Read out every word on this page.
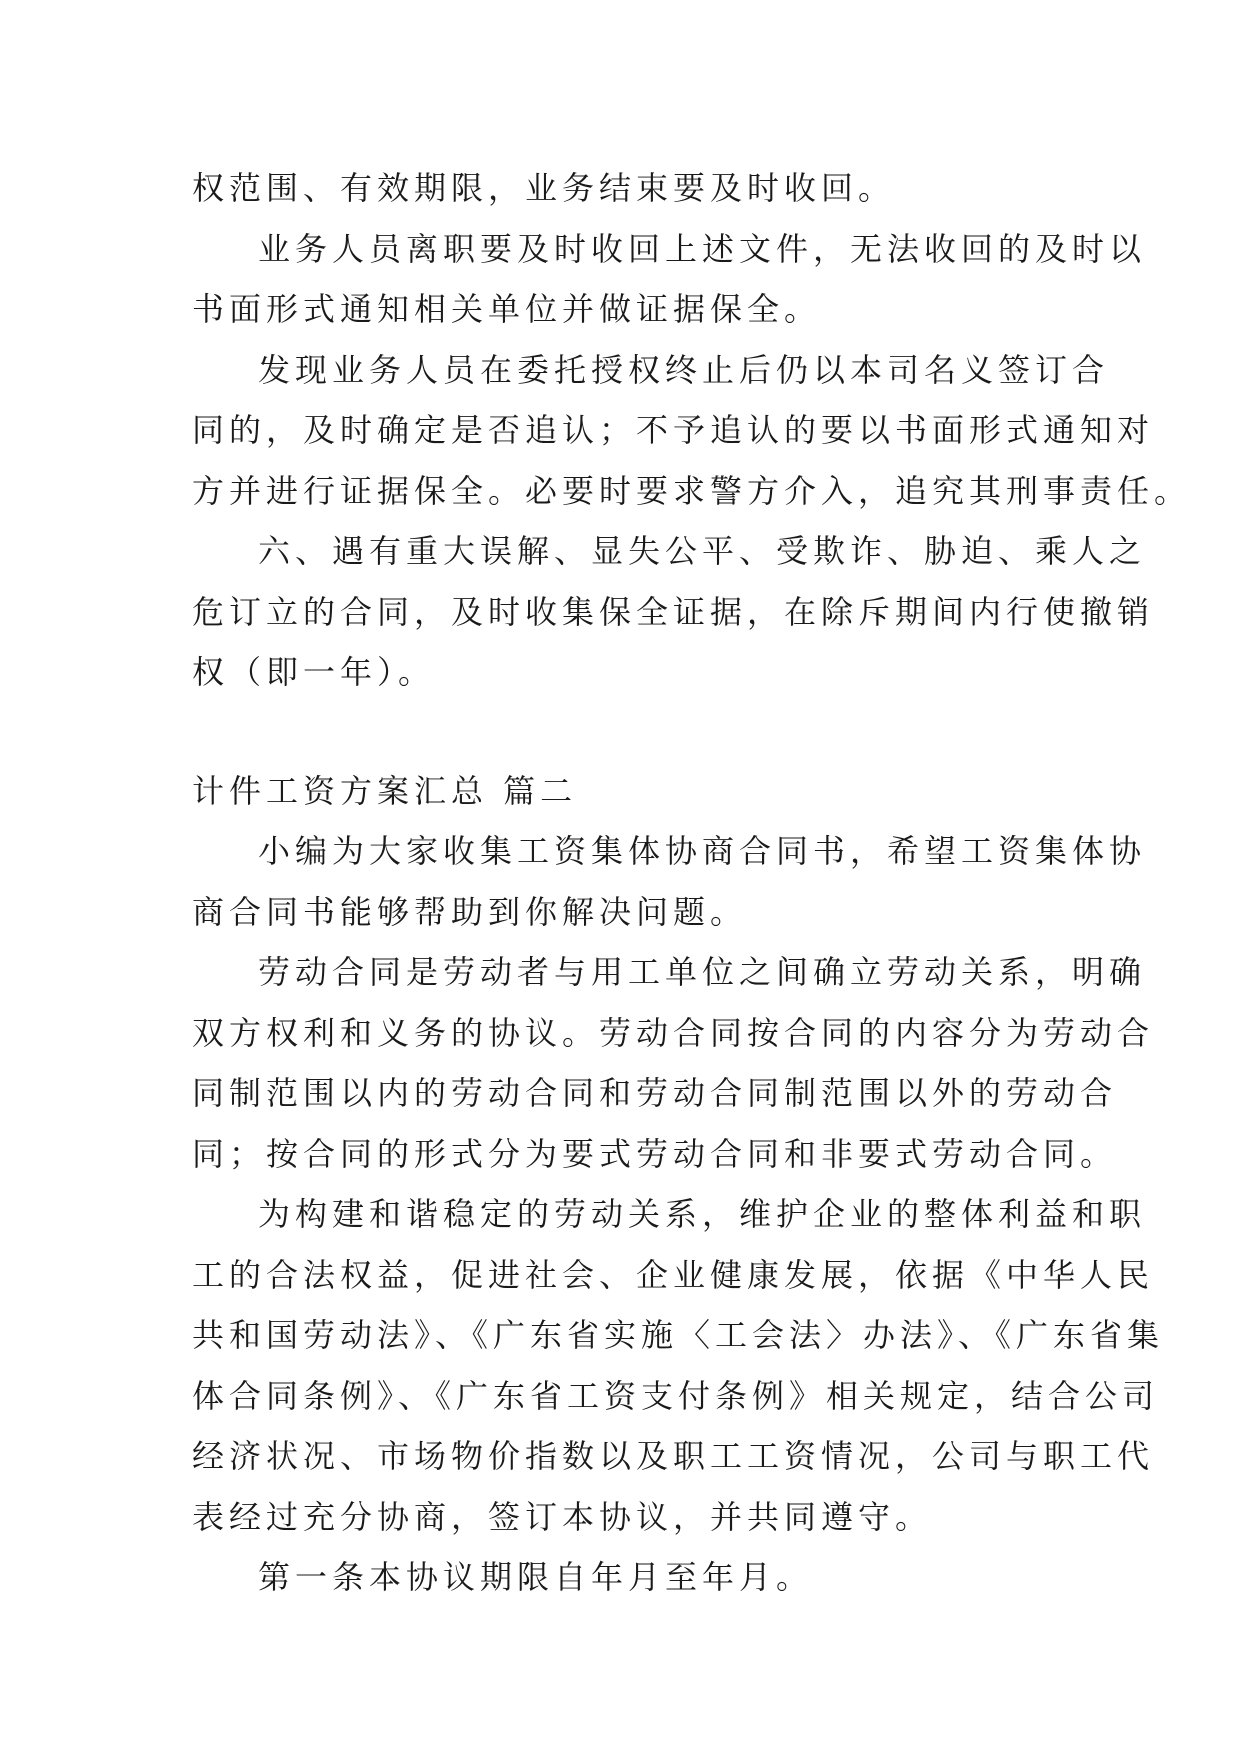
权范围、有效期限，业务结束要及时收回。
业务人员离职要及时收回上述文件，无法收回的及时以
书面形式通知相关单位并做证据保全。
发现业务人员在委托授权终止后仍以本司名义签订合
同的，及时确定是否追认；不予追认的要以书面形式通知对
方并进行证据保全。必要时要求警方介入，追究其刑事责任。
六、遇有重大误解、显失公平、受欺诈、胁迫、乘人之
危订立的合同，及时收集保全证据，在除斥期间内行使撤销
权（即一年）。
计件工资方案汇总 篇二
小编为大家收集工资集体协商合同书，希望工资集体协
商合同书能够帮助到你解决问题。
劳动合同是劳动者与用工单位之间确立劳动关系，明确
双方权利和义务的协议。劳动合同按合同的内容分为劳动合
同制范围以内的劳动合同和劳动合同制范围以外的劳动合
同；按合同的形式分为要式劳动合同和非要式劳动合同。
为构建和谐稳定的劳动关系，维护企业的整体利益和职
工的合法权益，促进社会、企业健康发展，依据《中华人民
共和国劳动法》、《广东省实施〈工会法〉办法》、《广东省集
体合同条例》、《广东省工资支付条例》相关规定，结合公司
经济状况、市场物价指数以及职工工资情况，公司与职工代
表经过充分协商，签订本协议，并共同遵守。
第一条本协议期限自年月至年月。
